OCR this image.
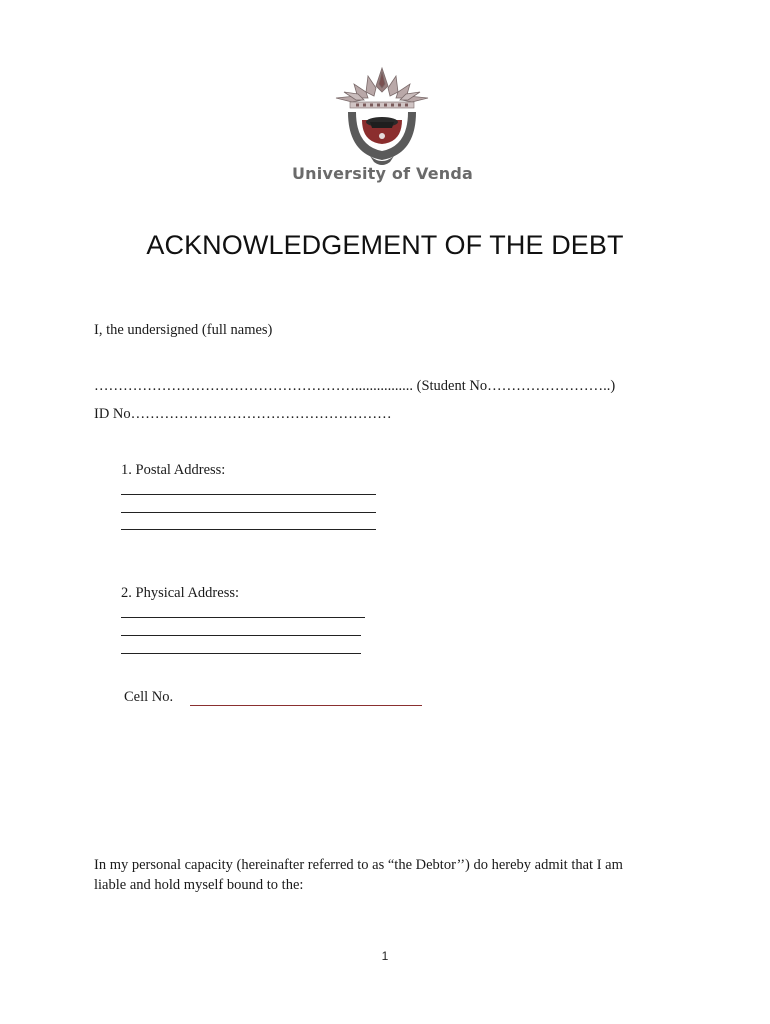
University of Venda
ACKNOWLEDGEMENT OF THE DEBT
I, the undersigned (full names)
………………………………………………................ (Student No……………………..)
ID No………………………………………………
1. Postal Address:
2. Physical Address:
Cell No.
In my personal capacity (hereinafter referred to as “the Debtor’’) do hereby admit that I am
liable and hold myself bound to the:
1
